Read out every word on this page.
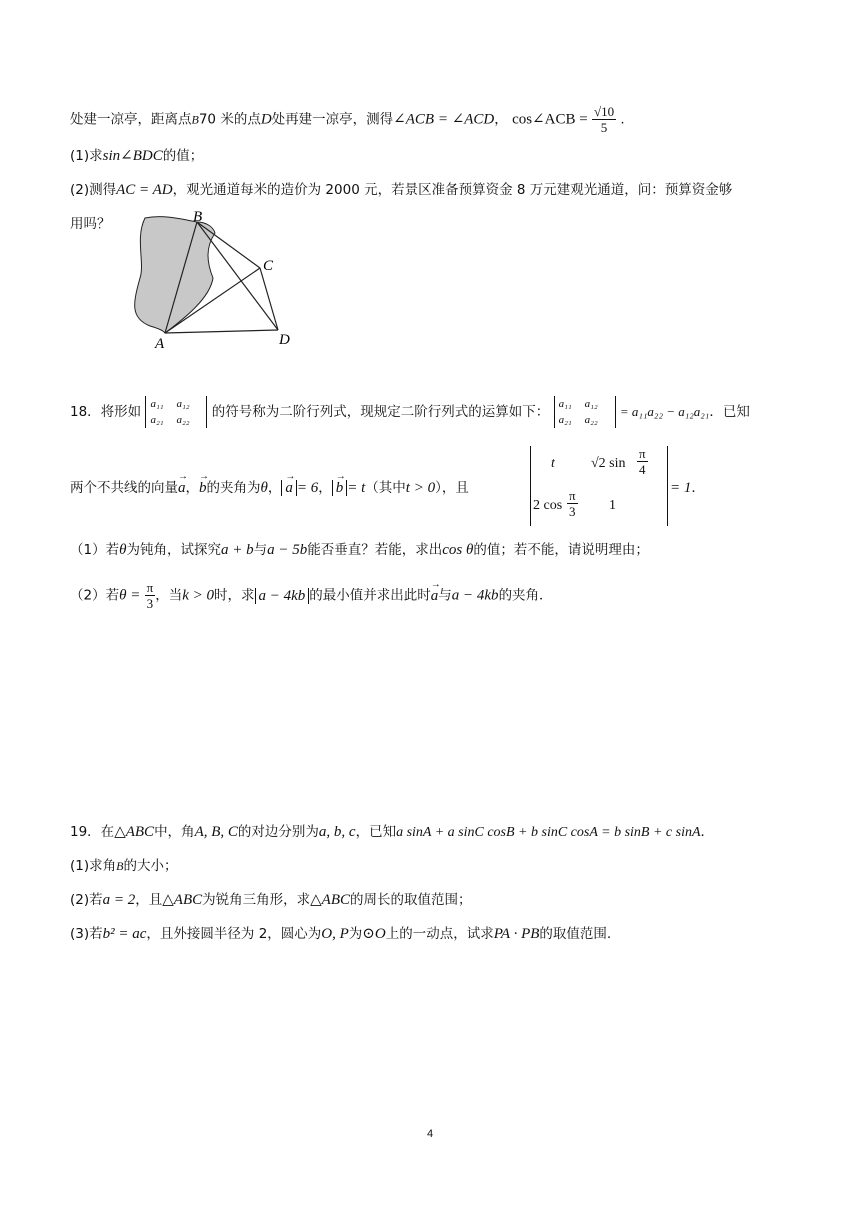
处建一凉亭，距离点B70 米的点D处再建一凉亭，测得∠ACB = ∠ACD， cos∠ACB = $\frac{√10}{5}$ .
(1)求sin∠BDC的值；
(2)测得AC = AD，观光通道每米的造价为 2000 元，若景区准备预算资金 8 万元建观光通道，问：预算资金够
用吗？	B
C
A	D
18．将形如 a₁₁ a₁₂
a₂₁ a₂₂ 的符号称为二阶行列式，现规定二阶行列式的运算如下： a₁₁ a₁₂
a₂₁ a₂₂ = a₁₁a₂₂ − a₁₂a₂₁．已知
两个不共线的向量→ a，→ b的夹角为θ， → a = 6， → b = t（其中t > 0），且
t	√2 $\sin \frac{\pi}{4}$
2 $\cos \frac{\pi}{3} 1$
= 1．
（1）若θ为钝角，试探究a + b与a − 5b能否垂直？若能，求出cos θ的值；若不能，请说明理由；
（2）若$\theta = \frac{\pi}{3}$ ，当k > 0时，求 a − 4kb 的最小值并求出此时→ a与a − 4kb的夹角．
19．在△ABC中，角A, B, C的对边分别为a, b, c，已知a sinA + a sinC cosB + b sinC cosA = b sinB + c sinA．
(1)求角B的大小；
(2)若a = 2，且△ABC为锐角三角形，求△ABC的周长的取值范围；
(3)若b² = ac，且外接圆半径为 2，圆心为O, P为⊙O上的一动点，试求PA · PB的取值范围.
4
